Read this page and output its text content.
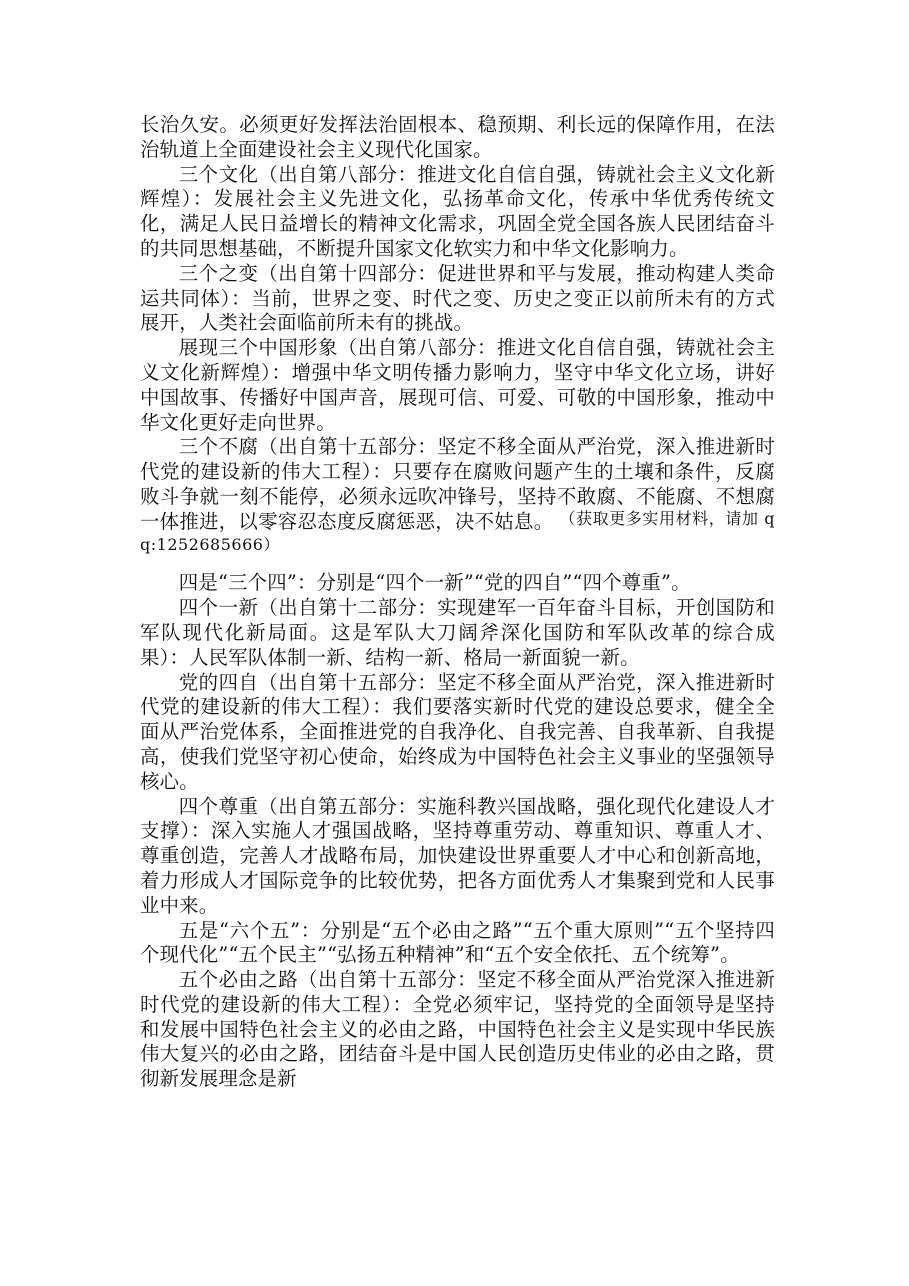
长治久安。必须更好发挥法治固根本、稳预期、利长远的保障作用，在法治轨道上全面建设社会主义现代化国家。

三个文化（出自第八部分：推进文化自信自强，铸就社会主义文化新辉煌）：发展社会主义先进文化，弘扬革命文化，传承中华优秀传统文化，满足人民日益增长的精神文化需求，巩固全党全国各族人民团结奋斗的共同思想基础，不断提升国家文化软实力和中华文化影响力。

三个之变（出自第十四部分：促进世界和平与发展，推动构建人类命运共同体）：当前，世界之变、时代之变、历史之变正以前所未有的方式展开，人类社会面临前所未有的挑战。

展现三个中国形象（出自第八部分：推进文化自信自强，铸就社会主义文化新辉煌）：增强中华文明传播力影响力，坚守中华文化立场，讲好中国故事、传播好中国声音，展现可信、可爱、可敬的中国形象，推动中华文化更好走向世界。

三个不腐（出自第十五部分：坚定不移全面从严治党，深入推进新时代党的建设新的伟大工程）：只要存在腐败问题产生的土壤和条件，反腐败斗争就一刻不能停，必须永远吹冲锋号，坚持不敢腐、不能腐、不想腐一体推进，以零容忍态度反腐惩恶，决不姑息。 $^{(获取更多实用材料,请加 qq:1252685666)}$

四是“三个四”：分别是“四个一新”“党的四自”“四个尊重”。

四个一新（出自第十二部分：实现建军一百年奋斗目标，开创国防和军队现代化新局面。这是军队大刀阔斧深化国防和军队改革的综合成果）：人民军队体制一新、结构一新、格局一新面貌一新。

党的四自（出自第十五部分：坚定不移全面从严治党，深入推进新时代党的建设新的伟大工程）：我们要落实新时代党的建设总要求，健全全面从严治党体系，全面推进党的自我净化、自我完善、自我革新、自我提高，使我们党坚守初心使命，始终成为中国特色社会主义事业的坚强领导核心。

四个尊重（出自第五部分：实施科教兴国战略，强化现代化建设人才支撑）：深入实施人才强国战略，坚持尊重劳动、尊重知识、尊重人才、尊重创造，完善人才战略布局，加快建设世界重要人才中心和创新高地，着力形成人才国际竞争的比较优势，把各方面优秀人才集聚到党和人民事业中来。

五是“六个五”：分别是“五个必由之路”“五个重大原则”“五个坚持四个现代化”“五个民主”“弘扬五种精神”和“五个安全依托、五个统筹”。

五个必由之路（出自第十五部分：坚定不移全面从严治党深入推进新时代党的建设新的伟大工程）：全党必须牢记，坚持党的全面领导是坚持和发展中国特色社会主义的必由之路，中国特色社会主义是实现中华民族伟大复兴的必由之路，团结奋斗是中国人民创造历史伟业的必由之路，贯彻新发展理念是新
